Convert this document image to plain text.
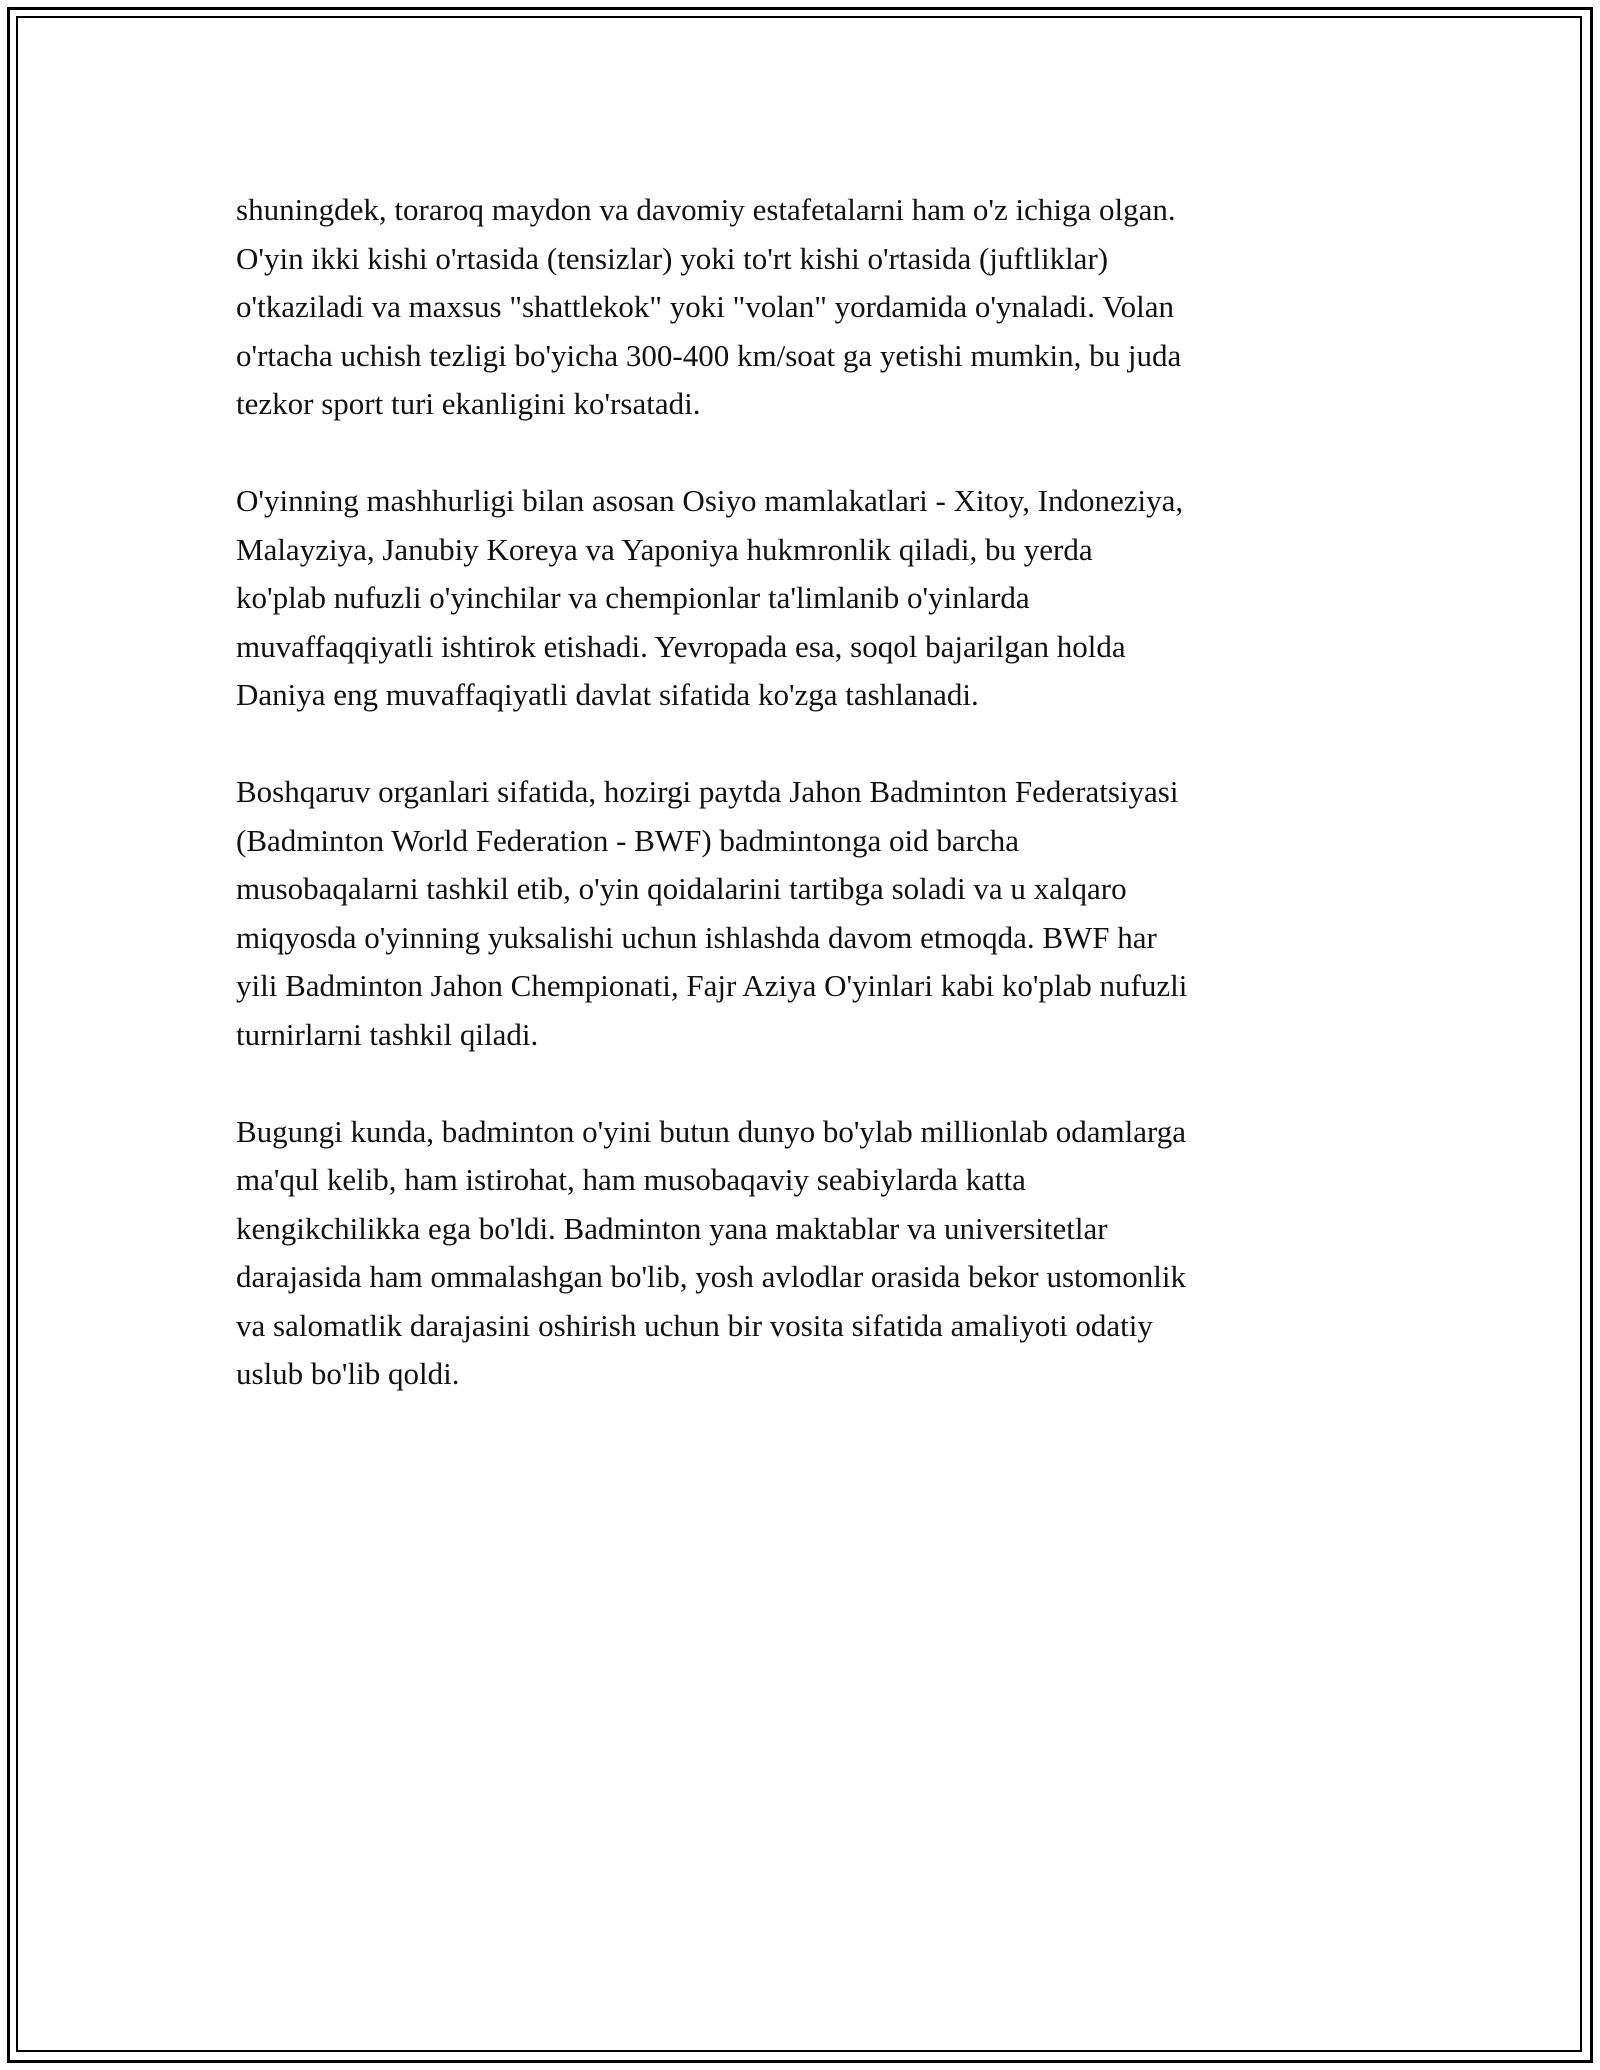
shuningdek, toraroq maydon va davomiy estafetalarni ham o'z ichiga olgan.
O'yin ikki kishi o'rtasida (tensizlar) yoki to'rt kishi o'rtasida (juftliklar)
o'tkaziladi va maxsus "shattlekok" yoki "volan" yordamida o'ynaladi. Volan
o'rtacha uchish tezligi bo'yicha 300-400 km/soat ga yetishi mumkin, bu juda
tezkor sport turi ekanligini ko'rsatadi.

O'yinning mashhurligi bilan asosan Osiyo mamlakatlari - Xitoy, Indoneziya,
Malayziya, Janubiy Koreya va Yaponiya hukmronlik qiladi, bu yerda
ko'plab nufuzli o'yinchilar va chempionlar ta'limlanib o'yinlarda
muvaffaqqiyatli ishtirok etishadi. Yevropada esa, soqol bajarilgan holda
Daniya eng muvaffaqiyatli davlat sifatida ko'zga tashlanadi.

Boshqaruv organlari sifatida, hozirgi paytda Jahon Badminton Federatsiyasi
(Badminton World Federation - BWF) badmintonga oid barcha
musobaqalarni tashkil etib, o'yin qoidalarini tartibga soladi va u xalqaro
miqyosda o'yinning yuksalishi uchun ishlashda davom etmoqda. BWF har
yili Badminton Jahon Chempionati, Fajr Aziya O'yinlari kabi ko'plab nufuzli
turnirlarni tashkil qiladi.

Bugungi kunda, badminton o'yini butun dunyo bo'ylab millionlab odamlarga
ma'qul kelib, ham istirohat, ham musobaqaviy seabiylarda katta
kengikchilikka ega bo'ldi. Badminton yana maktablar va universitetlar
darajasida ham ommalashgan bo'lib, yosh avlodlar orasida bekor ustomonlik
va salomatlik darajasini oshirish uchun bir vosita sifatida amaliyoti odatiy
uslub bo'lib qoldi.
